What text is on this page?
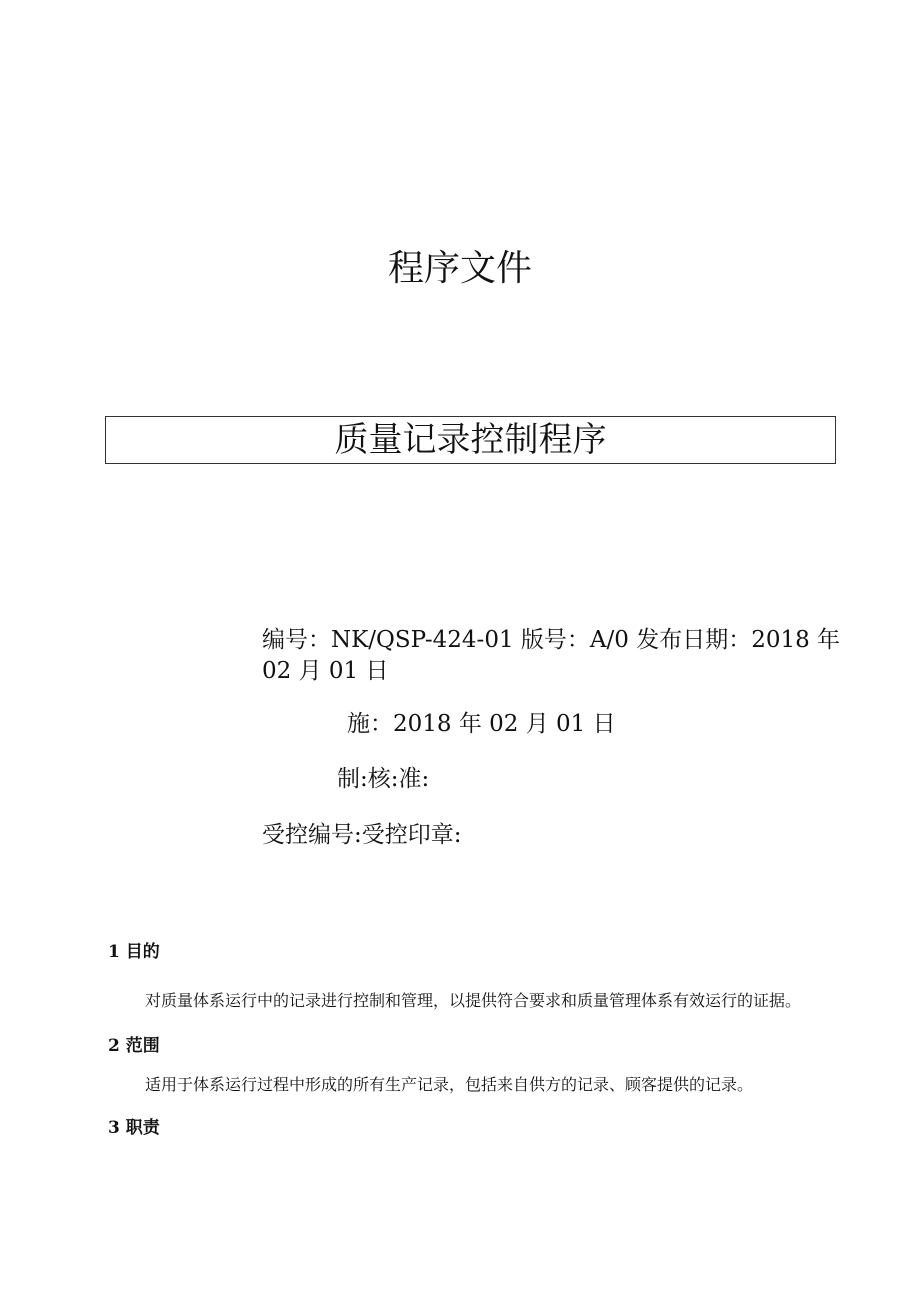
程序文件
质量记录控制程序
编号：NK/QSP-424-01 版号：A/0 发布日期：2018 年
02 月 01 日
施：2018 年 02 月 01 日
制:核:准:
受控编号:受控印章:
1 目的
对质量体系运行中的记录进行控制和管理，以提供符合要求和质量管理体系有效运行的证据。
2 范围
适用于体系运行过程中形成的所有生产记录，包括来自供方的记录、顾客提供的记录。
3 职责
